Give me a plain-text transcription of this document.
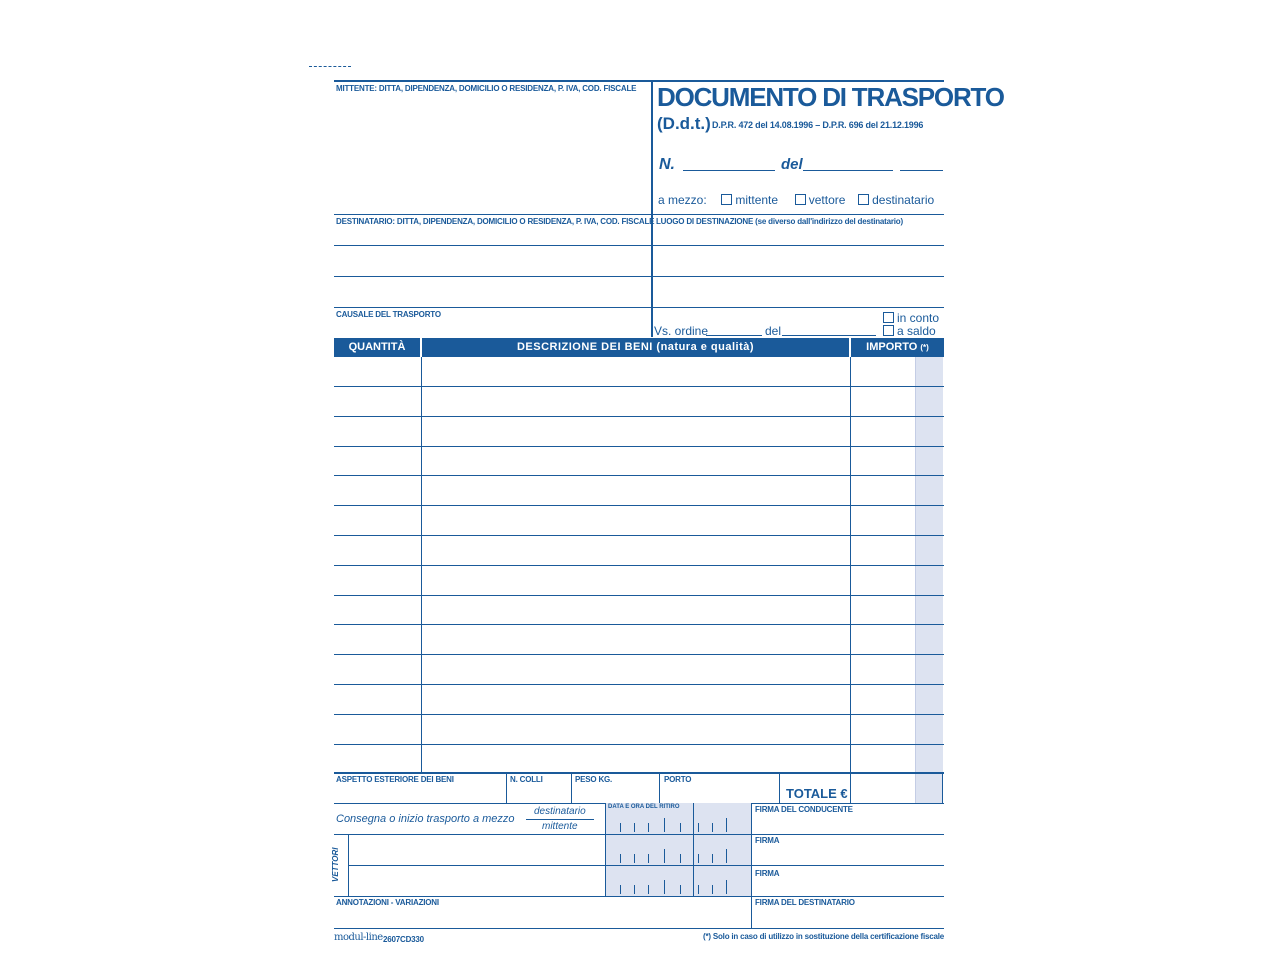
MITTENTE: DITTA, DIPENDENZA, DOMICILIO O RESIDENZA, P. IVA, COD. FISCALE DOCUMENTO DI TRASPORTO
(D.d.t.) D.P.R. 472 del 14.08.1996 – D.P.R. 696 del 21.12.1996
N.	del
a mezzo: mittente	vettore destinatario
DESTINATARIO: DITTA, DIPENDENZA, DOMICILIO O RESIDENZA, P. IVA, COD. FISCALE LUOGO DI DESTINAZIONE (se diverso dall'indirizzo del destinatario)
CAUSALE DEL TRASPORTO
Vs. ordine	del
in conto
a saldo
QUANTITÀ	DESCRIZIONE DEI BENI (natura e qualità)	IMPORTO (*)
ASPETTO ESTERIORE DEI BENI	N. COLLI	PESO KG.	PORTO
TOTALE €
DATA E ORA DEL RITIRO	FIRMA DEL CONDUCENTE
Consegna o inizio trasporto a mezzo
destinatario
mittente
FIRMA
FIRMA
VETTORI
ANNOTAZIONI - VARIAZIONI	FIRMA DEL DESTINATARIO
modul-line 2607CD330	(*) Solo in caso di utilizzo in sostituzione della certificazione fiscale
